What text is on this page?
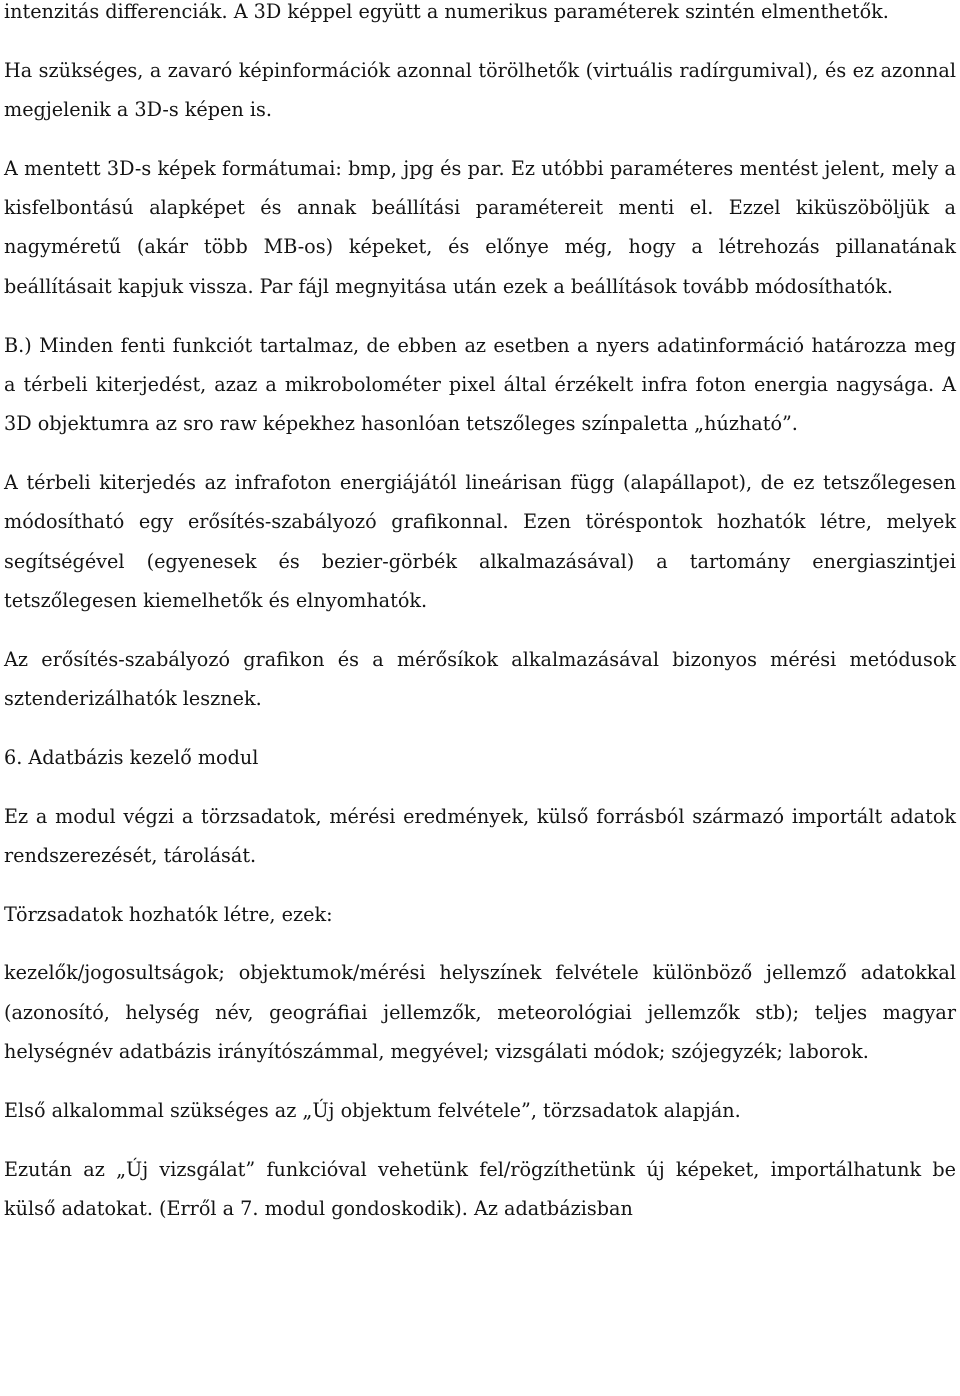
intenzitás differenciák. A 3D képpel együtt a numerikus paraméterek szintén elmenthetők.

Ha szükséges, a zavaró képinformációk azonnal törölhetők (virtuális radírgumival), és ez azonnal megjelenik a 3D-s képen is.

A mentett 3D-s képek formátumai: bmp, jpg és par. Ez utóbbi paraméteres mentést jelent, mely a kisfelbontású alapképet és annak beállítási paramétereit menti el. Ezzel kiküszöböljük a nagyméretű (akár több MB-os) képeket, és előnye még, hogy a létrehozás pillanatának beállításait kapjuk vissza. Par fájl megnyitása után ezek a beállítások tovább módosíthatók.

B.) Minden fenti funkciót tartalmaz, de ebben az esetben a nyers adatinformáció határozza meg a térbeli kiterjedést, azaz a mikrobolométer pixel által érzékelt infra foton energia nagysága. A 3D objektumra az sro raw képekhez hasonlóan tetszőleges színpaletta „húzható”.

A térbeli kiterjedés az infrafoton energiájától lineárisan függ (alapállapot), de ez tetszőlegesen módosítható egy erősítés-szabályozó grafikonnal. Ezen töréspontok hozhatók létre, melyek segítségével (egyenesek és bezier-görbék alkalmazásával) a tartomány energiaszintjei tetszőlegesen kiemelhetők és elnyomhatók.

Az erősítés-szabályozó grafikon és a mérősíkok alkalmazásával bizonyos mérési metódusok sztenderizálhatók lesznek.

6. Adatbázis kezelő modul

Ez a modul végzi a törzsadatok, mérési eredmények, külső forrásból származó importált adatok rendszerezését, tárolását.

Törzsadatok hozhatók létre, ezek:

kezelők/jogosultságok; objektumok/mérési helyszínek felvétele különböző jellemző adatokkal (azonosító, helység név, geográfiai jellemzők, meteorológiai jellemzők stb); teljes magyar helységnév adatbázis irányítószámmal, megyével; vizsgálati módok; szójegyzék; laborok.

Első alkalommal szükséges az „Új objektum felvétele”, törzsadatok alapján.

Ezután az „Új vizsgálat” funkcióval vehetünk fel/rögzíthetünk új képeket, importálhatunk be külső adatokat. (Erről a 7. modul gondoskodik). Az adatbázisban
